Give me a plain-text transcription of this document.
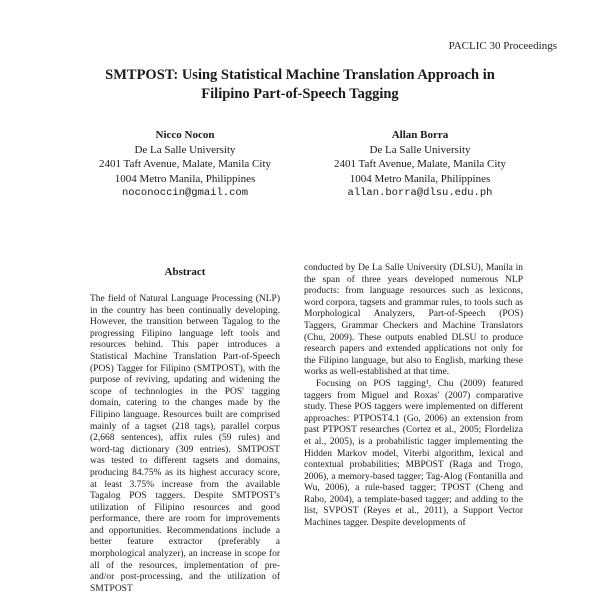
PACLIC 30 Proceedings
SMTPOST: Using Statistical Machine Translation Approach in
Filipino Part-of-Speech Tagging
Nicco Nocon
De La Salle University
2401 Taft Avenue, Malate, Manila City
1004 Metro Manila, Philippines
noconoccin@gmail.com
Allan Borra
De La Salle University
2401 Taft Avenue, Malate, Manila City
1004 Metro Manila, Philippines
allan.borra@dlsu.edu.ph
Abstract

The field of Natural Language Processing (NLP) in the country has been continually developing. However, the transition between Tagalog to the progressing Filipino language left tools and resources behind. This paper introduces a Statistical Machine Translation Part-of-Speech (POS) Tagger for Filipino (SMTPOST), with the purpose of reviving, updating and widening the scope of technologies in the POS' tagging domain, catering to the changes made by the Filipino language. Resources built are comprised mainly of a tagset (218 tags), parallel corpus (2,668 sentences), affix rules (59 rules) and word-tag dictionary (309 entries). SMTPOST was tested to different tagsets and domains, producing 84.75% as its highest accuracy score, at least 3.75% increase from the available Tagalog POS taggers. Despite SMTPOST's utilization of Filipino resources and good performance, there are room for improvements and opportunities. Recommendations include a better feature extractor (preferably a morphological analyzer), an increase in scope for all of the resources, implementation of pre- and/or post-processing, and the utilization of SMTPOST

conducted by De La Salle University (DLSU), Manila in the span of three years developed numerous NLP products: from language resources such as lexicons, word corpora, tagsets and grammar rules, to tools such as Morphological Analyzers, Part-of-Speech (POS) Taggers, Grammar Checkers and Machine Translators (Chu, 2009). These outputs enabled DLSU to produce research papers and extended applications not only for the Filipino language, but also to English, marking these works as well-established at that time.

Focusing on POS tagging¹, Chu (2009) featured taggers from Miguel and Roxas' (2007) comparative study. These POS taggers were implemented on different approaches: PTPOST4.1 (Go, 2006) an extension from past PTPOST researches (Cortez et al., 2005; Flordeliza et al., 2005), is a probabilistic tagger implementing the Hidden Markov model, Viterbi algorithm, lexical and contextual probabilities; MBPOST (Raga and Trogo, 2006), a memory-based tagger; Tag-Alog (Fontanilla and Wu, 2006), a rule-based tagger; TPOST (Cheng and Rabo, 2004), a template-based tagger; and adding to the list, SVPOST (Reyes et al., 2011), a Support Vector Machines tagger. Despite developments of
